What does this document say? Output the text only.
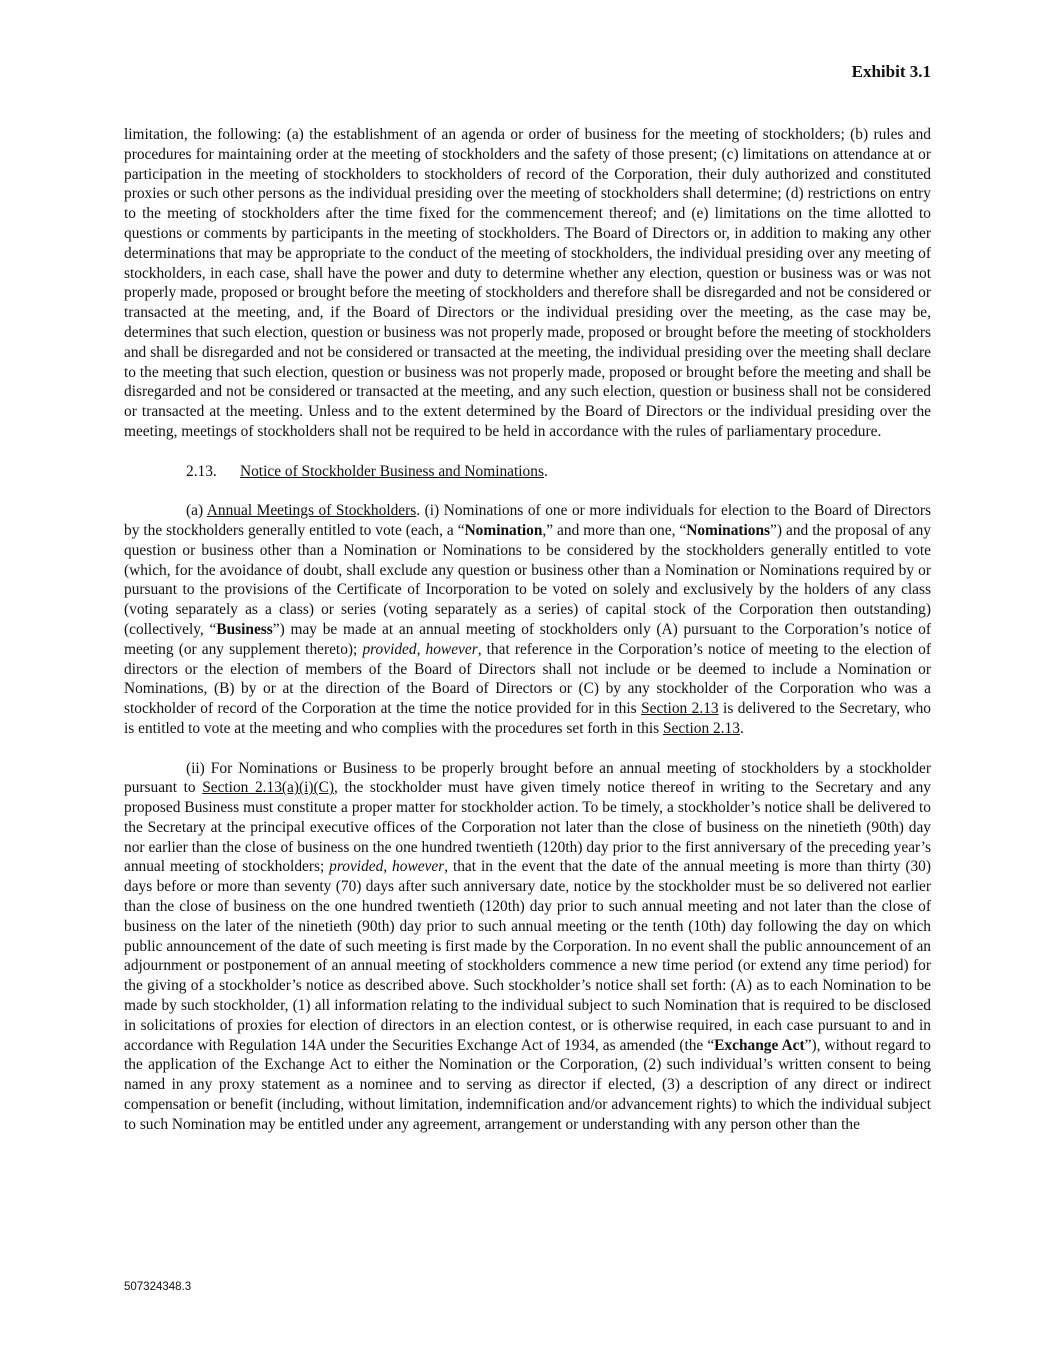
Exhibit 3.1

limitation, the following: (a) the establishment of an agenda or order of business for the meeting of stockholders; (b) rules and procedures for maintaining order at the meeting of stockholders and the safety of those present; (c) limitations on attendance at or participation in the meeting of stockholders to stockholders of record of the Corporation, their duly authorized and constituted proxies or such other persons as the individual presiding over the meeting of stockholders shall determine; (d) restrictions on entry to the meeting of stockholders after the time fixed for the commencement thereof; and (e) limitations on the time allotted to questions or comments by participants in the meeting of stockholders. The Board of Directors or, in addition to making any other determinations that may be appropriate to the conduct of the meeting of stockholders, the individual presiding over any meeting of stockholders, in each case, shall have the power and duty to determine whether any election, question or business was or was not properly made, proposed or brought before the meeting of stockholders and therefore shall be disregarded and not be considered or transacted at the meeting, and, if the Board of Directors or the individual presiding over the meeting, as the case may be, determines that such election, question or business was not properly made, proposed or brought before the meeting of stockholders and shall be disregarded and not be considered or transacted at the meeting, the individual presiding over the meeting shall declare to the meeting that such election, question or business was not properly made, proposed or brought before the meeting and shall be disregarded and not be considered or transacted at the meeting, and any such election, question or business shall not be considered or transacted at the meeting. Unless and to the extent determined by the Board of Directors or the individual presiding over the meeting, meetings of stockholders shall not be required to be held in accordance with the rules of parliamentary procedure.

2.13. Notice of Stockholder Business and Nominations.

(a) Annual Meetings of Stockholders. (i) Nominations of one or more individuals for election to the Board of Directors by the stockholders generally entitled to vote (each, a “Nomination,” and more than one, “Nominations”) and the proposal of any question or business other than a Nomination or Nominations to be considered by the stockholders generally entitled to vote (which, for the avoidance of doubt, shall exclude any question or business other than a Nomination or Nominations required by or pursuant to the provisions of the Certificate of Incorporation to be voted on solely and exclusively by the holders of any class (voting separately as a class) or series (voting separately as a series) of capital stock of the Corporation then outstanding) (collectively, “Business”) may be made at an annual meeting of stockholders only (A) pursuant to the Corporation’s notice of meeting (or any supplement thereto); provided, however, that reference in the Corporation’s notice of meeting to the election of directors or the election of members of the Board of Directors shall not include or be deemed to include a Nomination or Nominations, (B) by or at the direction of the Board of Directors or (C) by any stockholder of the Corporation who was a stockholder of record of the Corporation at the time the notice provided for in this Section 2.13 is delivered to the Secretary, who is entitled to vote at the meeting and who complies with the procedures set forth in this Section 2.13.

(ii) For Nominations or Business to be properly brought before an annual meeting of stockholders by a stockholder pursuant to Section 2.13(a)(i)(C), the stockholder must have given timely notice thereof in writing to the Secretary and any proposed Business must constitute a proper matter for stockholder action. To be timely, a stockholder’s notice shall be delivered to the Secretary at the principal executive offices of the Corporation not later than the close of business on the ninetieth (90th) day nor earlier than the close of business on the one hundred twentieth (120th) day prior to the first anniversary of the preceding year’s annual meeting of stockholders; provided, however, that in the event that the date of the annual meeting is more than thirty (30) days before or more than seventy (70) days after such anniversary date, notice by the stockholder must be so delivered not earlier than the close of business on the one hundred twentieth (120th) day prior to such annual meeting and not later than the close of business on the later of the ninetieth (90th) day prior to such annual meeting or the tenth (10th) day following the day on which public announcement of the date of such meeting is first made by the Corporation. In no event shall the public announcement of an adjournment or postponement of an annual meeting of stockholders commence a new time period (or extend any time period) for the giving of a stockholder’s notice as described above. Such stockholder’s notice shall set forth: (A) as to each Nomination to be made by such stockholder, (1) all information relating to the individual subject to such Nomination that is required to be disclosed in solicitations of proxies for election of directors in an election contest, or is otherwise required, in each case pursuant to and in accordance with Regulation 14A under the Securities Exchange Act of 1934, as amended (the “Exchange Act”), without regard to the application of the Exchange Act to either the Nomination or the Corporation, (2) such individual’s written consent to being named in any proxy statement as a nominee and to serving as director if elected, (3) a description of any direct or indirect compensation or benefit (including, without limitation, indemnification and/or advancement rights) to which the individual subject to such Nomination may be entitled under any agreement, arrangement or understanding with any person other than the

507324348.3
